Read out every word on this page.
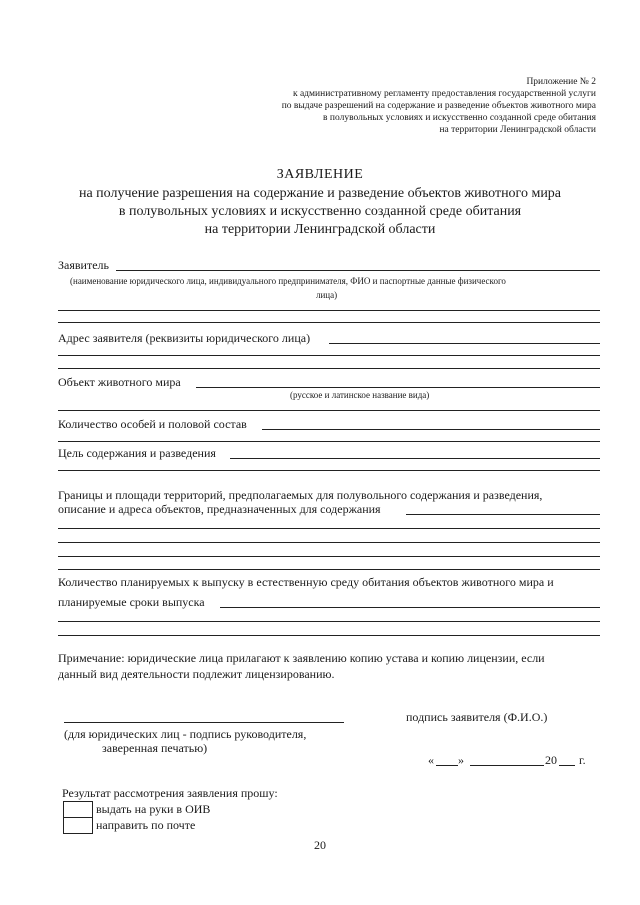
Приложение № 2
к административному регламенту предоставления государственной услуги
по выдаче разрешений на содержание и разведение объектов животного мира
в полувольных условиях и искусственно созданной среде обитания
на территории Ленинградской области
ЗАЯВЛЕНИЕ
на получение разрешения на содержание и разведение объектов животного мира
в полувольных условиях и искусственно созданной среде обитания
на территории Ленинградской области
Заявитель
(наименование юридического лица, индивидуального предпринимателя, ФИО и паспортные данные физического
лица)
Адрес заявителя (реквизиты юридического лица)
Объект животного мира
(русское и латинское название вида)
Количество особей и половой состав
Цель содержания и разведения
Границы и площади территорий, предполагаемых для полувольного содержания и разведения,
описание и адреса объектов, предназначенных для содержания
Количество планируемых к выпуску в естественную среду обитания объектов животного мира и
планируемые сроки выпуска
Примечание: юридические лица прилагают к заявлению копию устава и копию лицензии, если
данный вид деятельности подлежит лицензированию.
подпись заявителя (Ф.И.О.)
(для юридических лиц - подпись руководителя,
заверенная печатью)
« »	20 г.
Результат рассмотрения заявления прошу:
выдать на руки в ОИВ
направить по почте
20
